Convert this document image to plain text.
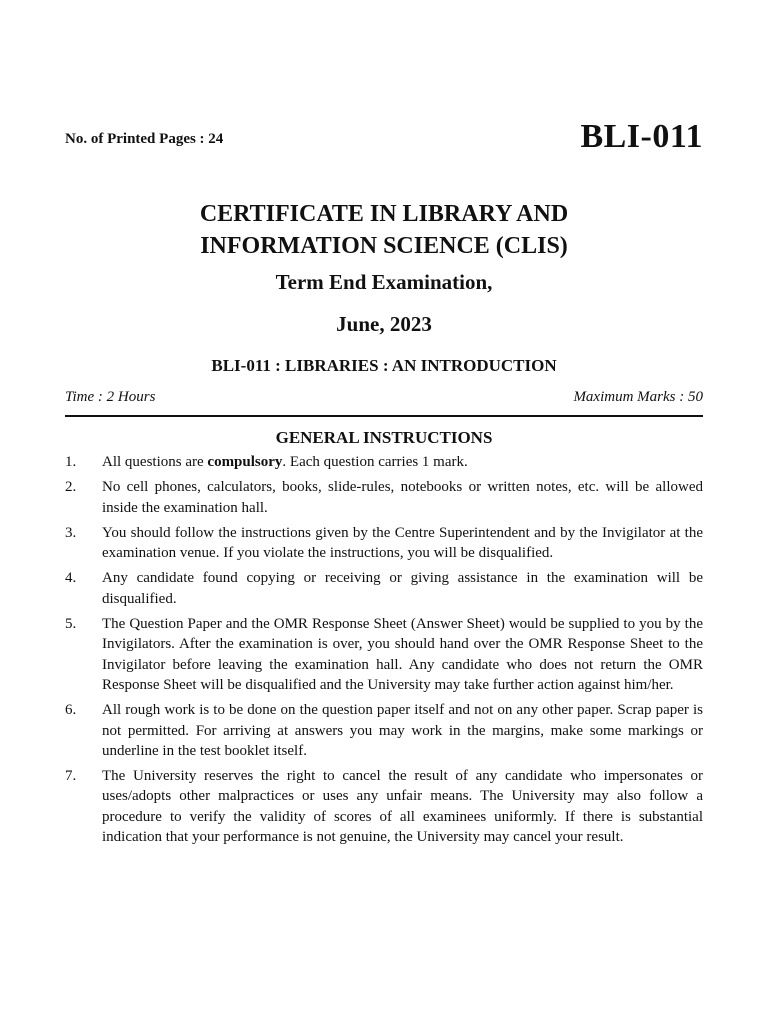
No. of Printed Pages : 24	BLI-011
CERTIFICATE IN LIBRARY AND
INFORMATION SCIENCE (CLIS)
Term End Examination,
June, 2023
BLI-011 : LIBRARIES : AN INTRODUCTION
Time : 2 Hours	Maximum Marks : 50
GENERAL INSTRUCTIONS
1. All questions are compulsory. Each question carries 1 mark.
2. No cell phones, calculators, books, slide-rules, notebooks or written notes, etc. will be allowed inside the examination hall.
3. You should follow the instructions given by the Centre Superintendent and by the Invigilator at the examination venue. If you violate the instructions, you will be disqualified.
4. Any candidate found copying or receiving or giving assistance in the examination will be disqualified.
5. The Question Paper and the OMR Response Sheet (Answer Sheet) would be supplied to you by the Invigilators. After the examination is over, you should hand over the OMR Response Sheet to the Invigilator before leaving the examination hall. Any candidate who does not return the OMR Response Sheet will be disqualified and the University may take further action against him/her.
6. All rough work is to be done on the question paper itself and not on any other paper. Scrap paper is not permitted. For arriving at answers you may work in the margins, make some markings or underline in the test booklet itself.
7. The University reserves the right to cancel the result of any candidate who impersonates or uses/adopts other malpractices or uses any unfair means. The University may also follow a procedure to verify the validity of scores of all examinees uniformly. If there is substantial indication that your performance is not genuine, the University may cancel your result.
